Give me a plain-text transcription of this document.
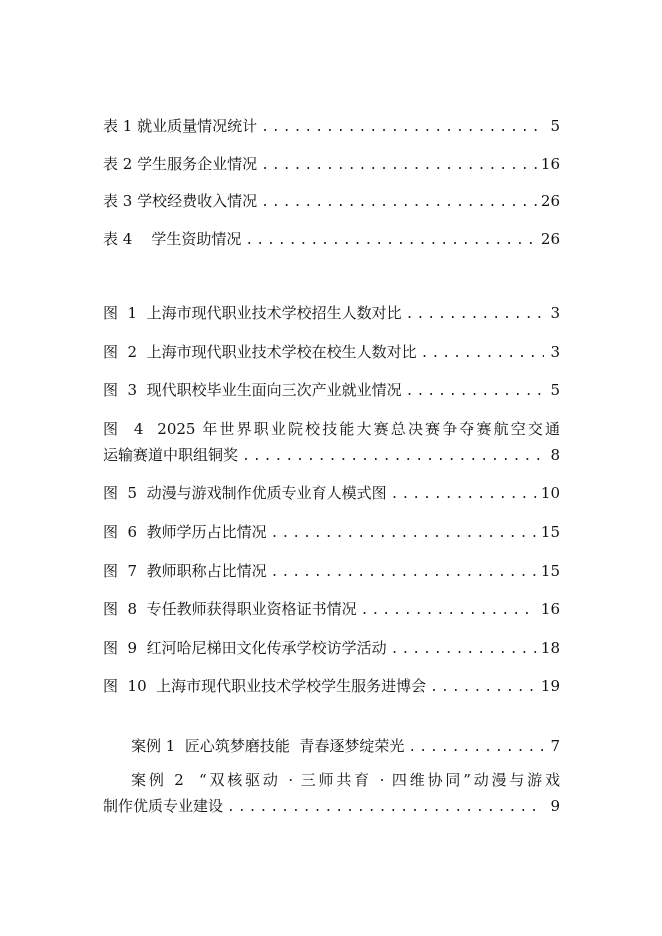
表 1 就业质量情况统计 .....	5
表 2 学生服务企业情况 .....	16
表 3 学校经费收入情况 .....	26
表 4    学生资助情况 .....	26
图  1  上海市现代职业技术学校招生人数对比 .....	3
图  2  上海市现代职业技术学校在校生人数对比 .....	3
图  3  现代职校毕业生面向三次产业就业情况 .....	5
图  4  2025 年世界职业院校技能大赛总决赛争夺赛航空交通
运输赛道中职组铜奖 .....	8
图  5  动漫与游戏制作优质专业育人模式图 .....	10
图  6  教师学历占比情况 .....	15
图  7  教师职称占比情况 .....	15
图  8  专任教师获得职业资格证书情况 .....	16
图  9  红河哈尼梯田文化传承学校访学活动 .....	18
图  10  上海市现代职业技术学校学生服务进博会 .....	19
案例 1  匠心筑梦磨技能  青春逐梦绽荣光 .....	7
案例 2  “双核驱动 · 三师共育 · 四维协同”动漫与游戏
制作优质专业建设 .....	9
